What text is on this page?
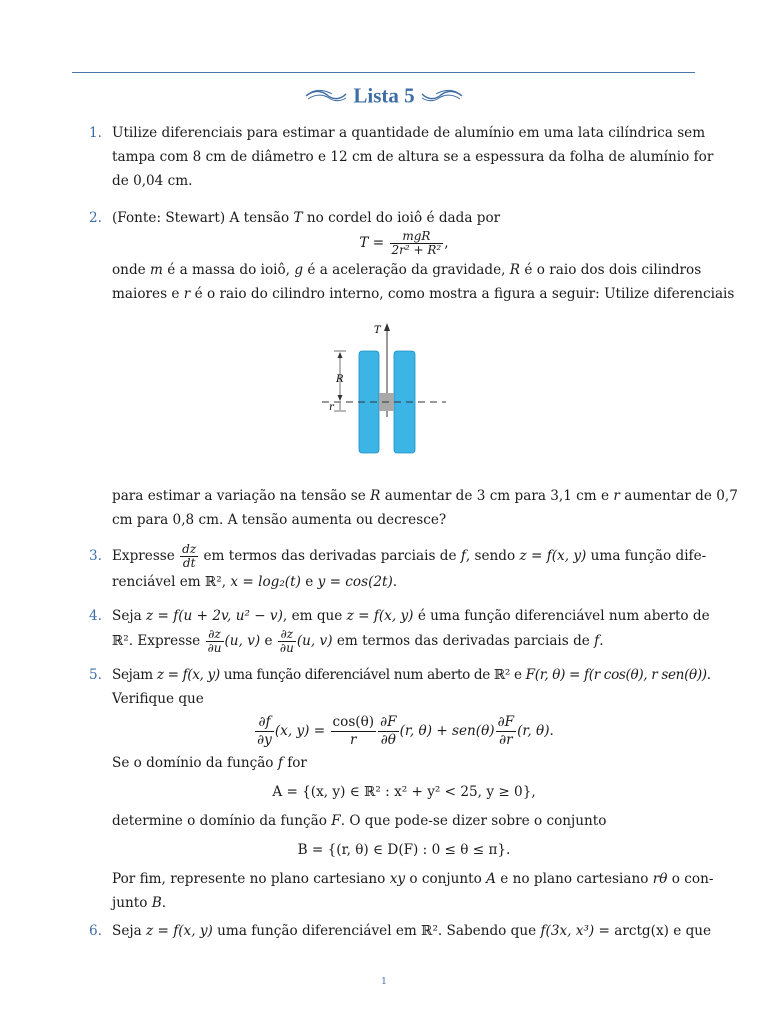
Lista 5
1. Utilize diferenciais para estimar a quantidade de alumínio em uma lata cilíndrica sem
tampa com 8 cm de diâmetro e 12 cm de altura se a espessura da folha de alumínio for
de 0,04 cm.
2. (Fonte: Stewart) A tensão T no cordel do ioiô é dada por
$T = \frac{\text{mgR}}{\text{2r² + R²}}$ ,
onde m é a massa do ioiô, g é a aceleração da gravidade, R é o raio dos dois cilindros
maiores e r é o raio do cilindro interno, como mostra a figura a seguir: Utilize diferenciais
T
R
r
para estimar a variação na tensão se R aumentar de 3 cm para 3,1 cm e r aumentar de 0,7
cm para 0,8 cm. A tensão aumenta ou decresce?
3. Expresse $\frac{dz}{dt}$ em termos das derivadas parciais de f, sendo z = f(x, y) uma função dife-
renciável em ℝ², x = log₂(t) e y = cos(2t).
4. Seja z = f(u + 2v, u² − v), em que z = f(x, y) é uma função diferenciável num aberto de
ℝ². Expresse $\frac{\partial z}{\partial u} (u$, v) e $\frac{\partial z}{\partial u} (u$, v) em termos das derivadas parciais de f.
5. Sejam z = f(x, y) uma função diferenciável num aberto de ℝ² e F(r, θ) = f(r cos(θ), r sen(θ)).
Verifique que
$\frac{\partial f}{\partial y} (x$, $y) = \frac{\cos(\theta)}{r} \frac{\partial F}{\partial\theta} (r$, $\theta) + sen(\theta) \frac{\partial F}{\partial r} (r$, θ).
Se o domínio da função f for
A = {(x, y) ∈ ℝ² : x² + y² < 25, y ≥ 0},
determine o domínio da função F. O que pode-se dizer sobre o conjunto
B = {(r, θ) ∈ D(F) : 0 ≤ θ ≤ π}.
Por fim, represente no plano cartesiano xy o conjunto A e no plano cartesiano rθ o con-
junto B.
6. Seja z = f(x, y) uma função diferenciável em ℝ². Sabendo que f(3x, x³) = arctg(x) e que
1
